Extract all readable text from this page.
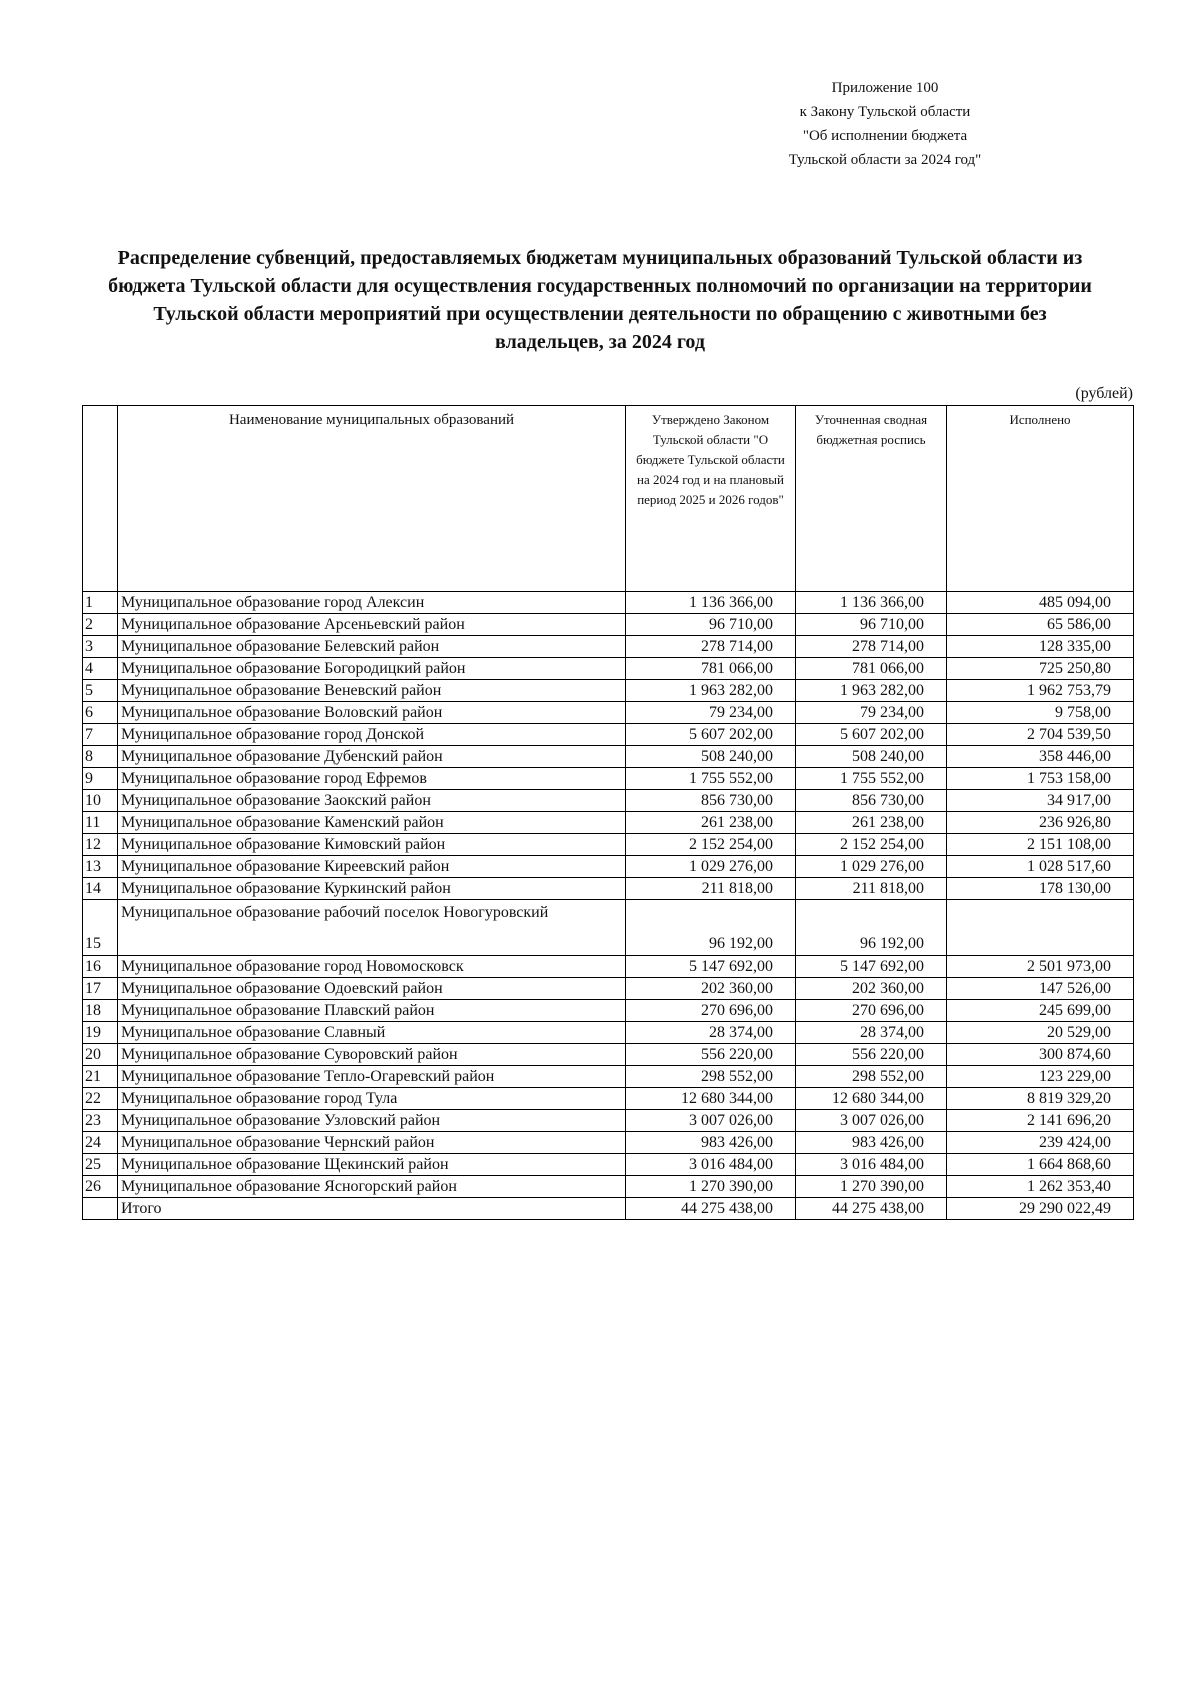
Приложение 100
к Закону Тульской области
"Об исполнении бюджета
Тульской области за 2024 год"
Распределение субвенций, предоставляемых бюджетам муниципальных образований Тульской области из бюджета Тульской области для осуществления государственных полномочий по организации на территории Тульской области мероприятий при осуществлении деятельности по обращению с животными без владельцев, за 2024 год
(рублей)
	Наименование муниципальных образований	Утверждено Законом Тульской области "О бюджете Тульской области на 2024 год и на плановый период 2025 и 2026 годов"	Уточненная сводная бюджетная роспись	Исполнено
1	Муниципальное образование город Алексин	1 136 366,00	1 136 366,00	485 094,00
2	Муниципальное образование Арсеньевский район	96 710,00	96 710,00	65 586,00
3	Муниципальное образование Белевский район	278 714,00	278 714,00	128 335,00
4	Муниципальное образование Богородицкий район	781 066,00	781 066,00	725 250,80
5	Муниципальное образование Веневский район	1 963 282,00	1 963 282,00	1 962 753,79
6	Муниципальное образование Воловский район	79 234,00	79 234,00	9 758,00
7	Муниципальное образование город Донской	5 607 202,00	5 607 202,00	2 704 539,50
8	Муниципальное образование Дубенский район	508 240,00	508 240,00	358 446,00
9	Муниципальное образование город Ефремов	1 755 552,00	1 755 552,00	1 753 158,00
10	Муниципальное образование Заокский район	856 730,00	856 730,00	34 917,00
11	Муниципальное образование Каменский район	261 238,00	261 238,00	236 926,80
12	Муниципальное образование Кимовский район	2 152 254,00	2 152 254,00	2 151 108,00
13	Муниципальное образование Киреевский район	1 029 276,00	1 029 276,00	1 028 517,60
14	Муниципальное образование Куркинский район	211 818,00	211 818,00	178 130,00
15	Муниципальное образование рабочий поселок Новогуровский	96 192,00	96 192,00	
16	Муниципальное образование город Новомосковск	5 147 692,00	5 147 692,00	2 501 973,00
17	Муниципальное образование Одоевский район	202 360,00	202 360,00	147 526,00
18	Муниципальное образование Плавский район	270 696,00	270 696,00	245 699,00
19	Муниципальное образование Славный	28 374,00	28 374,00	20 529,00
20	Муниципальное образование Суворовский район	556 220,00	556 220,00	300 874,60
21	Муниципальное образование Тепло-Огаревский район	298 552,00	298 552,00	123 229,00
22	Муниципальное образование город Тула	12 680 344,00	12 680 344,00	8 819 329,20
23	Муниципальное образование Узловский район	3 007 026,00	3 007 026,00	2 141 696,20
24	Муниципальное образование Чернский район	983 426,00	983 426,00	239 424,00
25	Муниципальное образование Щекинский район	3 016 484,00	3 016 484,00	1 664 868,60
26	Муниципальное образование Ясногорский район	1 270 390,00	1 270 390,00	1 262 353,40
	Итого	44 275 438,00	44 275 438,00	29 290 022,49
